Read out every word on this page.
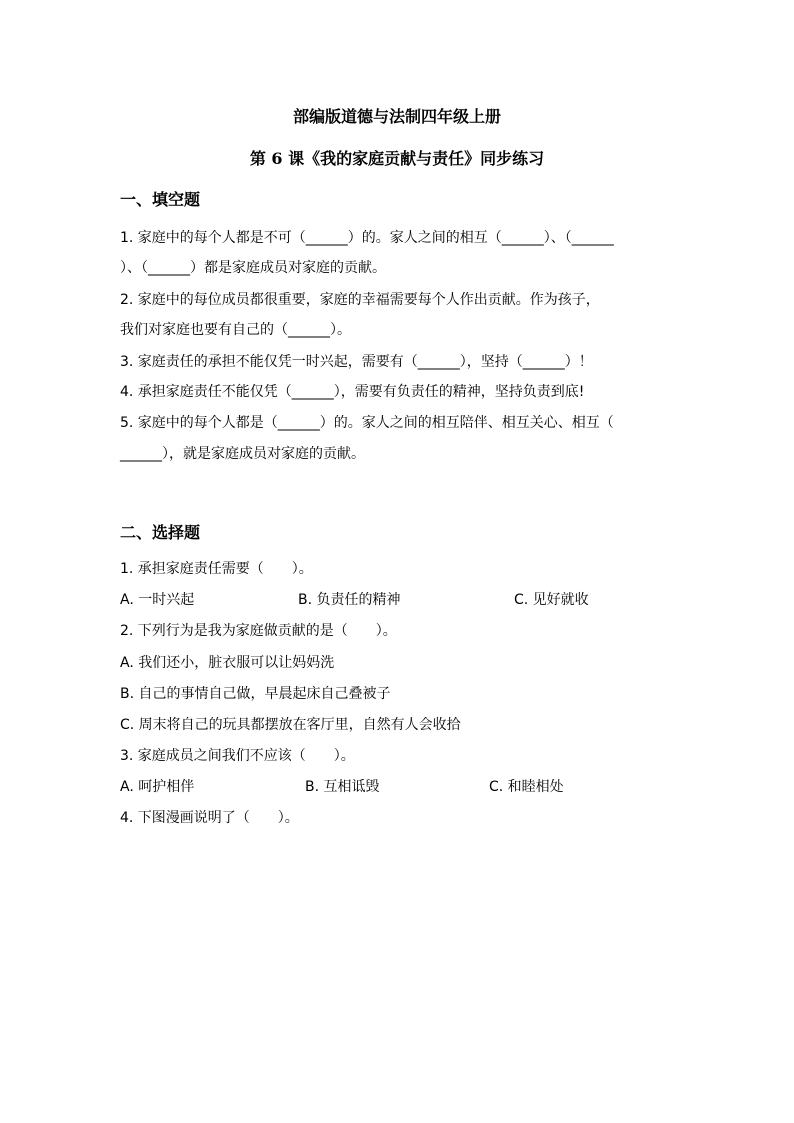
部编版道德与法制四年级上册
第 6 课《我的家庭贡献与责任》同步练习
一、填空题
1. 家庭中的每个人都是不可（______）的。家人之间的相互（______）、（______
）、（______）都是家庭成员对家庭的贡献。
2. 家庭中的每位成员都很重要，家庭的幸福需要每个人作出贡献。作为孩子，
我们对家庭也要有自己的（______）。
3. 家庭责任的承担不能仅凭一时兴起，需要有（______），坚持（______）！
4. 承担家庭责任不能仅凭（______），需要有负责任的精神，坚持负责到底!
5. 家庭中的每个人都是（______）的。家人之间的相互陪伴、相互关心、相互（
______），就是家庭成员对家庭的贡献。
二、选择题
1. 承担家庭责任需要（　　）。
A. 一时兴起	B. 负责任的精神	C. 见好就收
2. 下列行为是我为家庭做贡献的是（　　）。
A. 我们还小，脏衣服可以让妈妈洗
B. 自己的事情自己做，早晨起床自己叠被子
C. 周末将自己的玩具都摆放在客厅里，自然有人会收拾
3. 家庭成员之间我们不应该（　　）。
A. 呵护相伴	B. 互相诋毁	C. 和睦相处
4. 下图漫画说明了（　　）。
